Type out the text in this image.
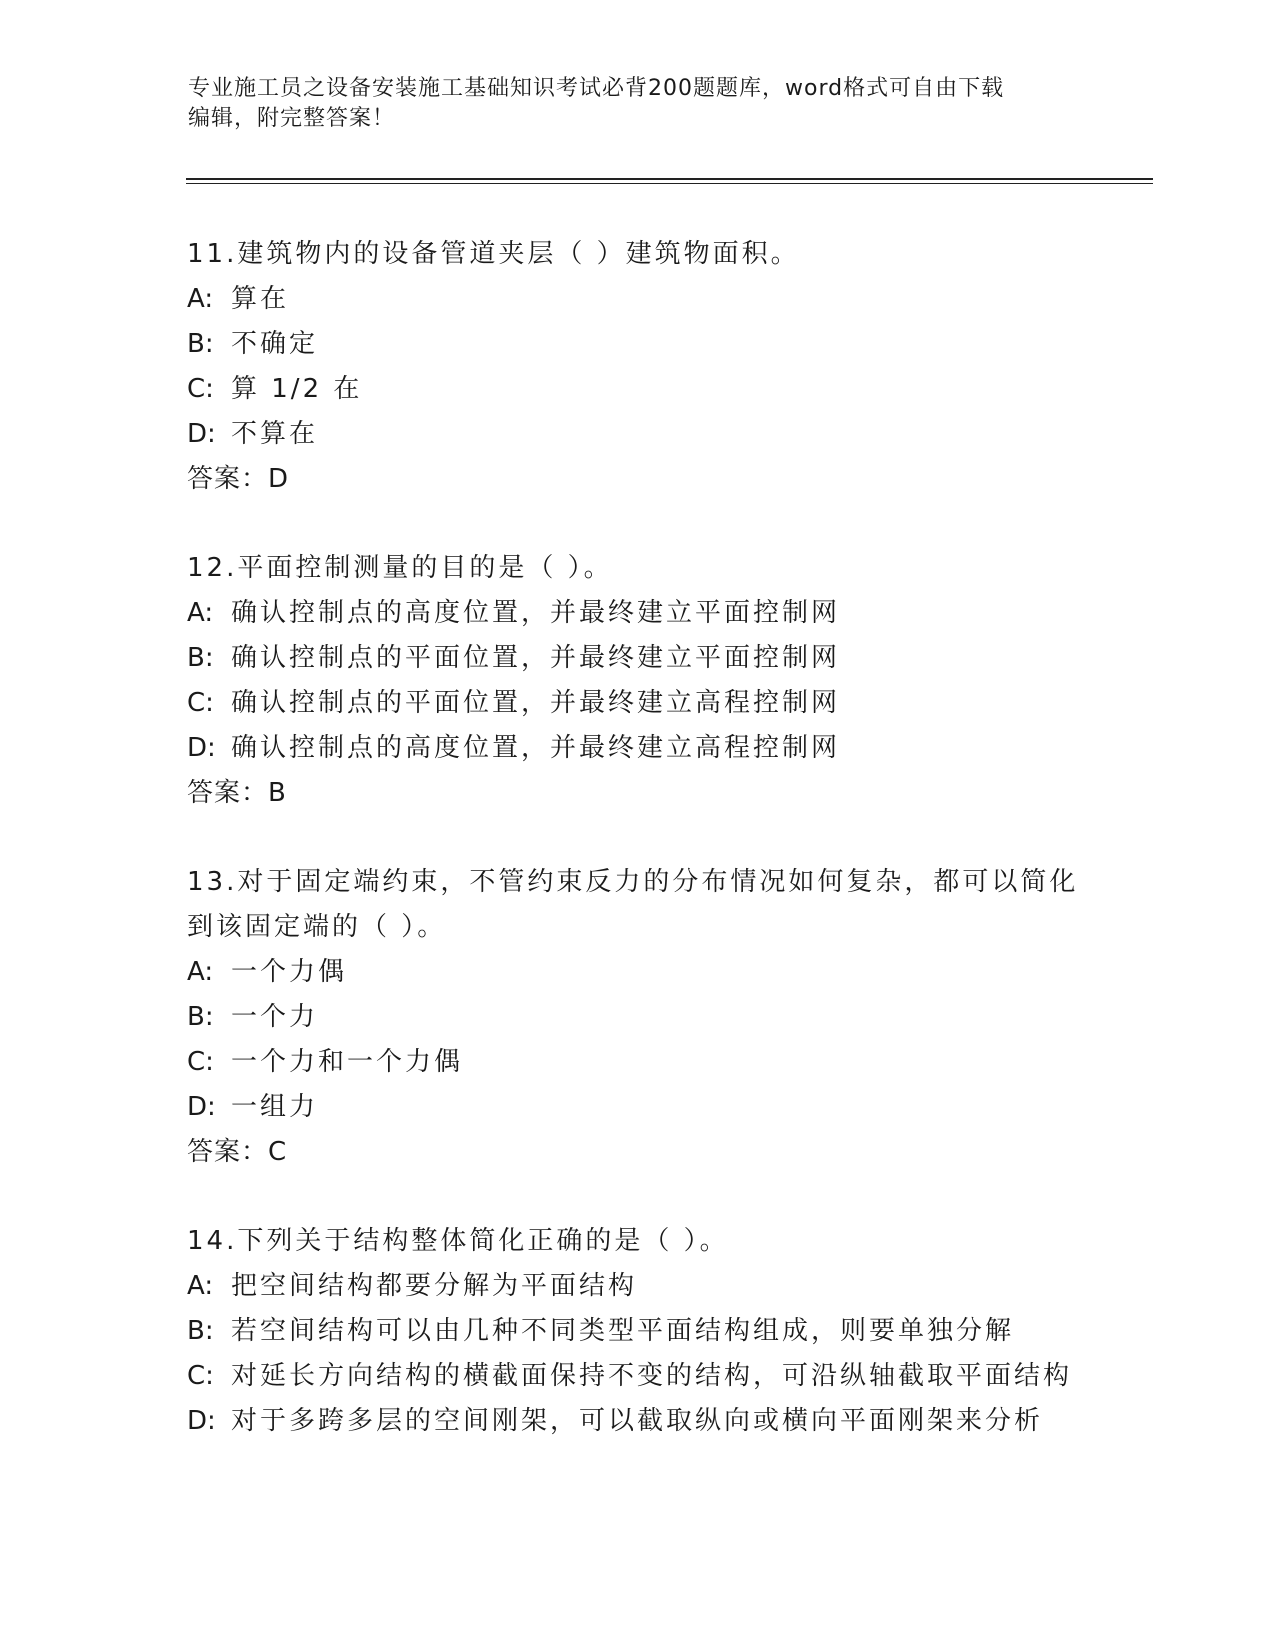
专业施工员之设备安装施工基础知识考试必背200题题库，word格式可自由下载
编辑，附完整答案！
11.建筑物内的设备管道夹层（ ）建筑物面积。
A: 算在
B: 不确定
C: 算 1/2 在
D: 不算在
答案：D
12.平面控制测量的目的是（ ）。
A: 确认控制点的高度位置，并最终建立平面控制网
B: 确认控制点的平面位置，并最终建立平面控制网
C: 确认控制点的平面位置，并最终建立高程控制网
D: 确认控制点的高度位置，并最终建立高程控制网
答案：B
13.对于固定端约束，不管约束反力的分布情况如何复杂，都可以简化
到该固定端的（ ）。
A: 一个力偶
B: 一个力
C: 一个力和一个力偶
D: 一组力
答案：C
14.下列关于结构整体简化正确的是（ ）。
A: 把空间结构都要分解为平面结构
B: 若空间结构可以由几种不同类型平面结构组成，则要单独分解
C: 对延长方向结构的横截面保持不变的结构，可沿纵轴截取平面结构
D: 对于多跨多层的空间刚架，可以截取纵向或横向平面刚架来分析
